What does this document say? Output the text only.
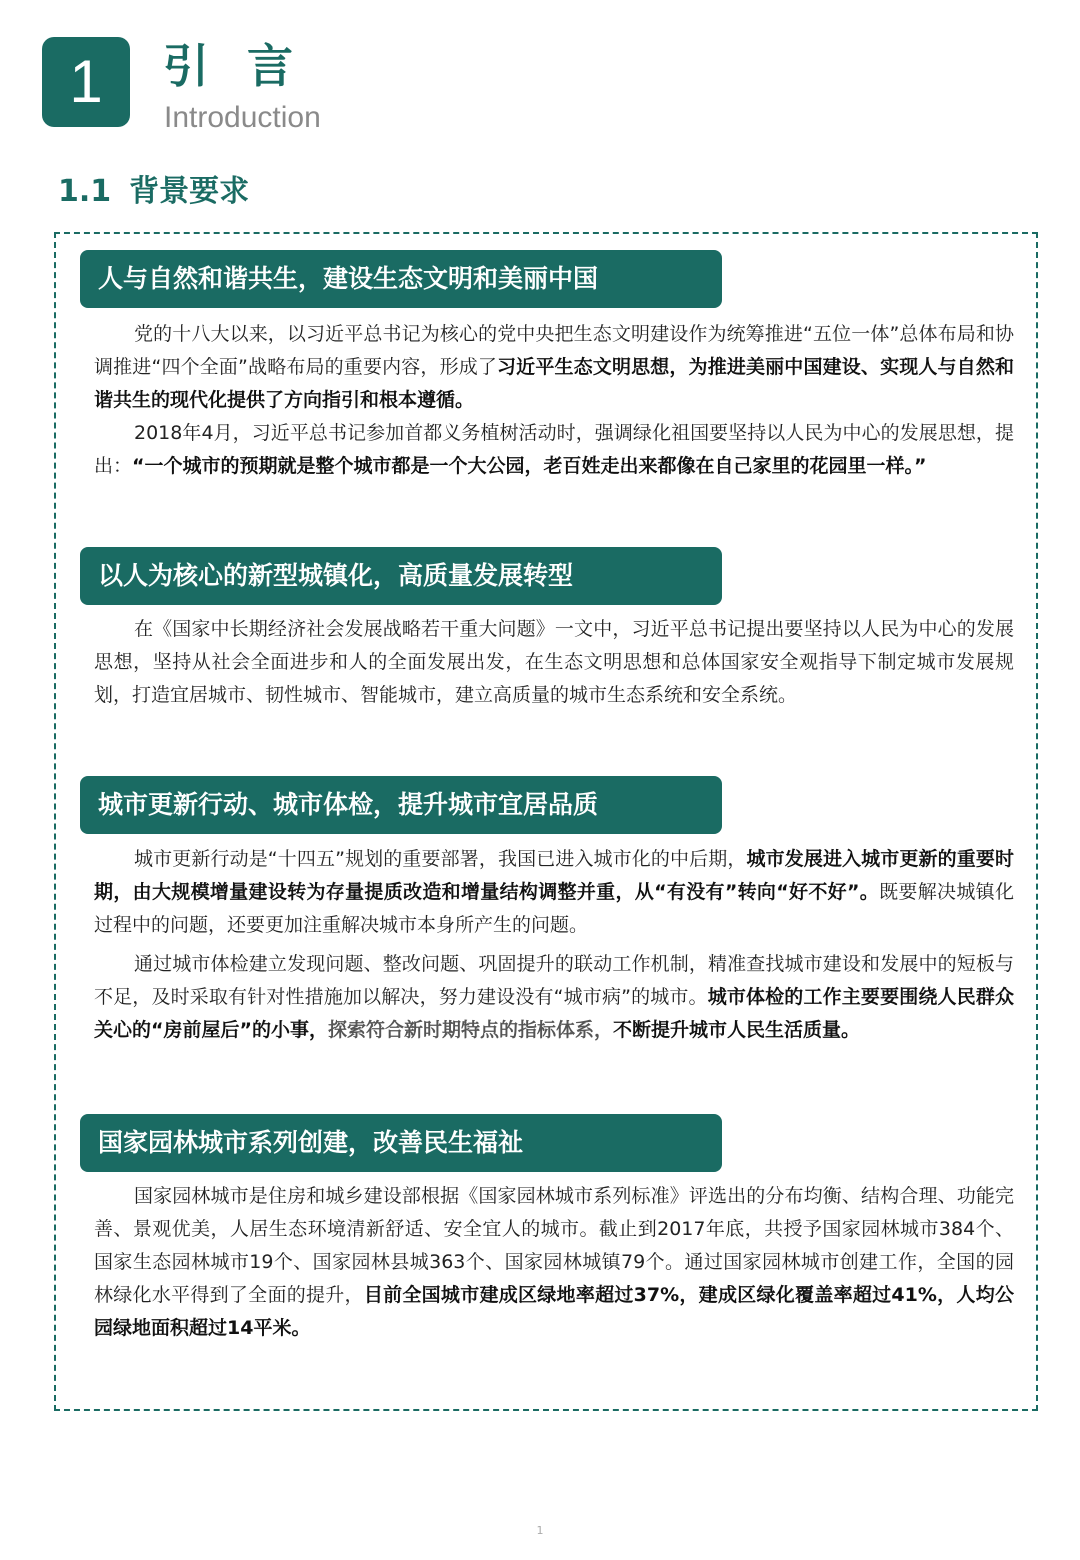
1	引言
Introduction
1.1 背景要求
人与自然和谐共生，建设生态文明和美丽中国

党的十八大以来，以习近平总书记为核心的党中央把生态文明建设作为统筹推进“五位一体”总体布局和协调推进“四个全面”战略布局的重要内容，形成了习近平生态文明思想，为推进美丽中国建设、实现人与自然和谐共生的现代化提供了方向指引和根本遵循。

2018年4月，习近平总书记参加首都义务植树活动时，强调绿化祖国要坚持以人民为中心的发展思想，提出：“一个城市的预期就是整个城市都是一个大公园，老百姓走出来都像在自己家里的花园里一样。”

以人为核心的新型城镇化，高质量发展转型

在《国家中长期经济社会发展战略若干重大问题》一文中，习近平总书记提出要坚持以人民为中心的发展思想，坚持从社会全面进步和人的全面发展出发，在生态文明思想和总体国家安全观指导下制定城市发展规划，打造宜居城市、韧性城市、智能城市，建立高质量的城市生态系统和安全系统。

城市更新行动、城市体检，提升城市宜居品质

城市更新行动是“十四五”规划的重要部署，我国已进入城市化的中后期，城市发展进入城市更新的重要时期，由大规模增量建设转为存量提质改造和增量结构调整并重，从“有没有”转向“好不好”。既要解决城镇化过程中的问题，还要更加注重解决城市本身所产生的问题。

通过城市体检建立发现问题、整改问题、巩固提升的联动工作机制，精准查找城市建设和发展中的短板与不足，及时采取有针对性措施加以解决，努力建设没有“城市病”的城市。城市体检的工作主要要围绕人民群众关心的“房前屋后”的小事，探索符合新时期特点的指标体系，不断提升城市人民生活质量。

国家园林城市系列创建，改善民生福祉

国家园林城市是住房和城乡建设部根据《国家园林城市系列标准》评选出的分布均衡、结构合理、功能完善、景观优美，人居生态环境清新舒适、安全宜人的城市。截止到2017年底，共授予国家园林城市384个、国家生态园林城市19个、国家园林县城363个、国家园林城镇79个。通过国家园林城市创建工作，全国的园林绿化水平得到了全面的提升，目前全国城市建成区绿地率超过37%，建成区绿化覆盖率超过41%，人均公园绿地面积超过14平米。

1
